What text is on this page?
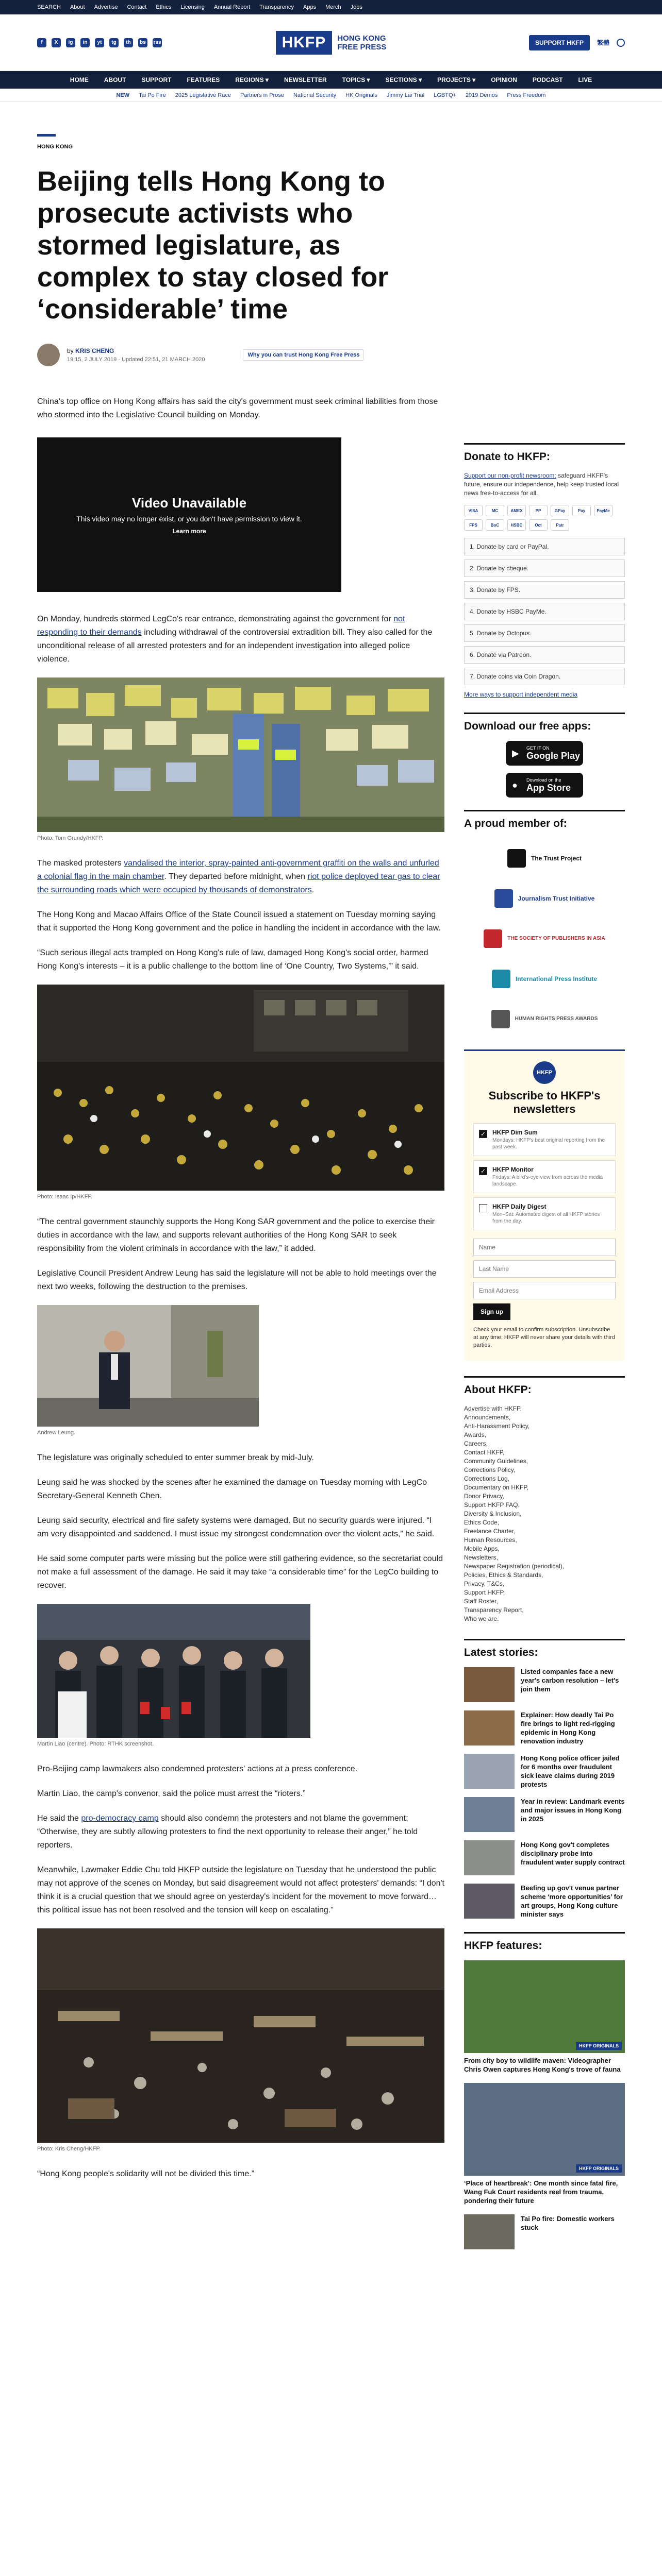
SEARCH About Advertise Contact Ethics Licensing Annual Report Transparency Apps Merch Jobs
f	X	ig	in	yt	tg	th	bs	rss	HKFP	HONG KONG
FREE PRESS	SUPPORT HKFP	繁體
HOME	ABOUT	SUPPORT	FEATURES	REGIONS ▾	NEWSLETTER	TOPICS ▾	SECTIONS ▾	PROJECTS ▾	OPINION	PODCAST	LIVE
NEW Tai Po Fire 2025 Legislative Race Partners in Prose National Security HK Originals Jimmy Lai Trial LGBTQ+ 2019 Demos Press Freedom
HONG KONG
Beijing tells Hong Kong to prosecute activists who stormed legislature, as complex to stay closed for ‘considerable’ time
by KRIS CHENG
19:15, 2 JULY 2019 · Updated 22:51, 21 MARCH 2020
Why you can trust Hong Kong Free Press

China's top office on Hong Kong affairs has said the city's government must seek criminal liabilities from those who stormed into the Legislative Council building on Monday.

Video Unavailable
This video may no longer exist, or you don't have permission to view it.
Learn more

On Monday, hundreds stormed LegCo's rear entrance, demonstrating against the government for not responding to their demands including withdrawal of the controversial extradition bill. They also called for the unconditional release of all arrested protesters and for an independent investigation into alleged police violence.

Photo: Tom Grundy/HKFP.

The masked protesters vandalised the interior, spray-painted anti-government graffiti on the walls and unfurled a colonial flag in the main chamber. They departed before midnight, when riot police deployed tear gas to clear the surrounding roads which were occupied by thousands of demonstrators.

The Hong Kong and Macao Affairs Office of the State Council issued a statement on Tuesday morning saying that it supported the Hong Kong government and the police in handling the incident in accordance with the law.

“Such serious illegal acts trampled on Hong Kong's rule of law, damaged Hong Kong's social order, harmed Hong Kong's interests – it is a public challenge to the bottom line of ‘One Country, Two Systems,’” it said.

Photo: Isaac Ip/HKFP.

“The central government staunchly supports the Hong Kong SAR government and the police to exercise their duties in accordance with the law, and supports relevant authorities of the Hong Kong SAR to seek responsibility from the violent criminals in accordance with the law,” it added.

Legislative Council President Andrew Leung has said the legislature will not be able to hold meetings over the next two weeks, following the destruction to the premises.

Andrew Leung.

The legislature was originally scheduled to enter summer break by mid-July.

Leung said he was shocked by the scenes after he examined the damage on Tuesday morning with LegCo Secretary-General Kenneth Chen.

Leung said security, electrical and fire safety systems were damaged. But no security guards were injured. “I am very disappointed and saddened. I must issue my strongest condemnation over the violent acts,” he said.

He said some computer parts were missing but the police were still gathering evidence, so the secretariat could not make a full assessment of the damage. He said it may take “a considerable time” for the LegCo building to recover.

Martin Liao (centre). Photo: RTHK screenshot.

Pro-Beijing camp lawmakers also condemned protesters' actions at a press conference.

Martin Liao, the camp's convenor, said the police must arrest the “rioters.”

He said the pro-democracy camp should also condemn the protesters and not blame the government: “Otherwise, they are subtly allowing protesters to find the next opportunity to release their anger,” he told reporters.

Meanwhile, Lawmaker Eddie Chu told HKFP outside the legislature on Tuesday that he understood the public may not approve of the scenes on Monday, but said disagreement would not affect protesters' demands: “I don't think it is a crucial question that we should agree on yesterday's incident for the movement to move forward… this political issue has not been resolved and the tension will keep on escalating.”

Photo: Kris Cheng/HKFP.

“Hong Kong people's solidarity will not be divided this time.”

Donate to HKFP:
Support our non-profit newsroom: safeguard HKFP's future, ensure our independence, help keep trusted local news free-to-access for all.
VISA	MC	AMEX	PP	GPay	Pay	PayMe
FPS	BoC	HSBC	Oct	Patr
1. Donate by card or PayPal.
2. Donate by cheque.
3. Donate by FPS.
4. Donate by HSBC PayMe.
5. Donate by Octopus.
6. Donate via Patreon.
7. Donate coins via Coin Dragon.
More ways to support independent media
Download our free apps:
▶
GET IT ON
Google Play
●
Download on the
App Store
A proud member of:
The Trust Project
Journalism Trust Initiative
THE SOCIETY OF PUBLISHERS IN ASIA
International Press Institute
HUMAN RIGHTS PRESS AWARDS
HKFP
Subscribe to HKFP's newsletters
✓ HKFP Dim Sum
Mondays: HKFP's best original reporting from the past week.
✓ HKFP Monitor
Fridays: A bird's-eye view from across the media landscape.
HKFP Daily Digest
Mon–Sat: Automated digest of all HKFP stories from the day.
Name Last Name Email Address Sign up
Check your email to confirm subscription. Unsubscribe at any time. HKFP will never share your details with third parties.
About HKFP:
Advertise with HKFP,
Announcements,
Anti-Harassment Policy,
Awards,
Careers,
Contact HKFP,
Community Guidelines,
Corrections Policy,
Corrections Log,
Documentary on HKFP,
Donor Privacy,
Support HKFP FAQ,
Diversity & Inclusion,
Ethics Code,
Freelance Charter,
Human Resources,
Mobile Apps,
Newsletters,
Newspaper Registration (periodical),
Policies, Ethics & Standards,
Privacy, T&Cs,
Support HKFP,
Staff Roster,
Transparency Report,
Who we are.
Latest stories:
Listed companies face a new year's carbon resolution – let's join them
Explainer: How deadly Tai Po fire brings to light red-rigging epidemic in Hong Kong renovation industry
Hong Kong police officer jailed for 6 months over fraudulent sick leave claims during 2019 protests
Year in review: Landmark events and major issues in Hong Kong in 2025
Hong Kong gov't completes disciplinary probe into fraudulent water supply contract
Beefing up gov't venue partner scheme ‘more opportunities’ for art groups, Hong Kong culture minister says
HKFP features:
HKFP ORIGINALS
From city boy to wildlife maven: Videographer Chris Owen captures Hong Kong's trove of fauna
HKFP ORIGINALS
‘Place of heartbreak’: One month since fatal fire, Wang Fuk Court residents reel from trauma, pondering their future
Tai Po fire: Domestic workers stuck
